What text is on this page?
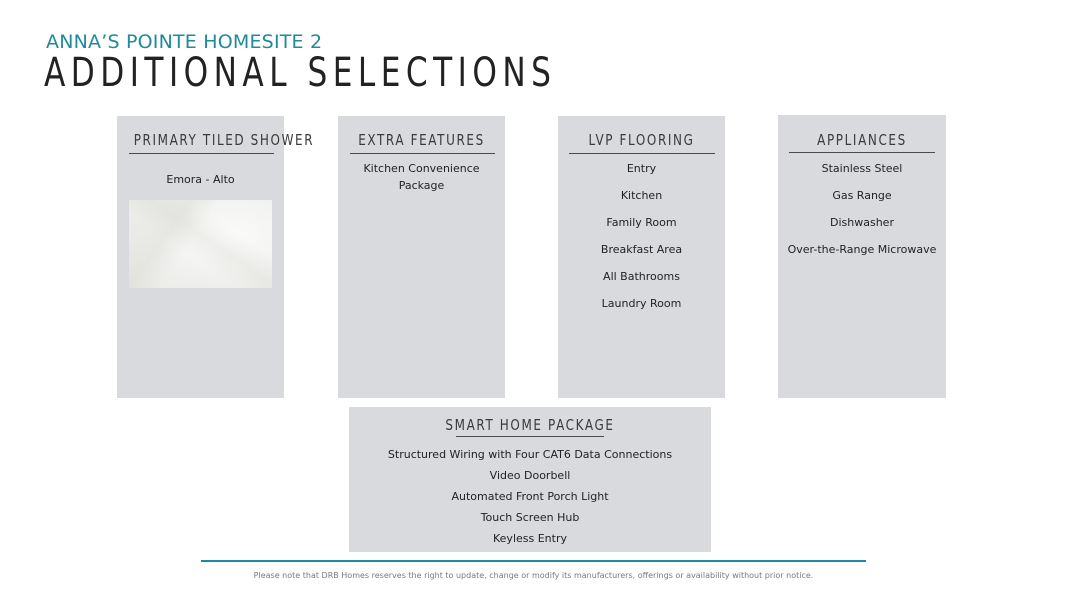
ANNA’S POINTE HOMESITE 2
ADDITIONAL SELECTIONS
PRIMARY TILED SHOWER
Emora - Alto
EXTRA FEATURES
Kitchen Convenience Package
LVP FLOORING
Entry
Kitchen
Family Room
Breakfast Area
All Bathrooms
Laundry Room
APPLIANCES
Stainless Steel
Gas Range
Dishwasher
Over-the-Range Microwave
SMART HOME PACKAGE
Structured Wiring with Four CAT6 Data Connections
Video Doorbell
Automated Front Porch Light
Touch Screen Hub
Keyless Entry
Please note that DRB Homes reserves the right to update, change or modify its manufacturers, offerings or availability without prior notice.
